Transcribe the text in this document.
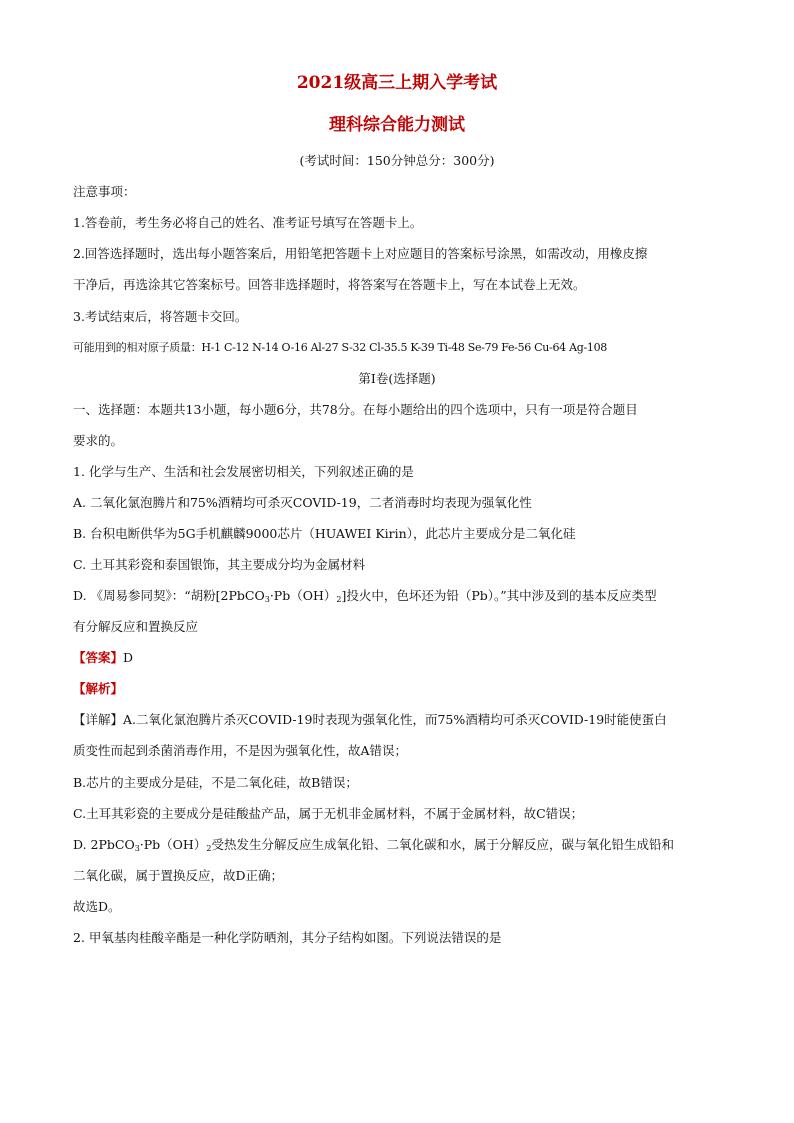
2021级高三上期入学考试
理科综合能力测试
(考试时间：150分钟总分：300分)
注意事项：
1.答卷前，考生务必将自己的姓名、准考证号填写在答题卡上。
2.回答选择题时，选出每小题答案后，用铅笔把答题卡上对应题目的答案标号涂黑，如需改动，用橡皮擦
干净后，再选涂其它答案标号。回答非选择题时，将答案写在答题卡上，写在本试卷上无效。
3.考试结束后，将答题卡交回。
可能用到的相对原子质量：H-1 C-12 N-14 O-16 Al-27 S-32 Cl-35.5 K-39 Ti-48 Se-79 Fe-56 Cu-64 Ag-108
第Ⅰ卷(选择题)
一、选择题：本题共13小题，每小题6分，共78分。在每小题给出的四个选项中，只有一项是符合题目
要求的。
1. 化学与生产、生活和社会发展密切相关，下列叙述正确的是
A. 二氧化氯泡腾片和75%酒精均可杀灭COVID-19，二者消毒时均表现为强氧化性
B. 台积电断供华为5G手机麒麟9000芯片（HUAWEI Kirin），此芯片主要成分是二氧化硅
C. 土耳其彩瓷和泰国银饰，其主要成分均为金属材料
D. 《周易参同契》：“胡粉$[2PbCO_3\cdot Pb(OH)_2]$投火中，色坏还为铅（Pb）。”其中涉及到的基本反应类型
有分解反应和置换反应
【答案】D
【解析】
【详解】A.二氧化氯泡腾片杀灭COVID-19时表现为强氧化性，而75%酒精均可杀灭COVID-19时能使蛋白
质变性而起到杀菌消毒作用，不是因为强氧化性，故A错误；
B.芯片的主要成分是硅，不是二氧化硅，故B错误；
C.土耳其彩瓷的主要成分是硅酸盐产品，属于无机非金属材料，不属于金属材料，故C错误；
D. $2PbCO_3\cdot Pb(OH)_2$受热发生分解反应生成氧化铅、二氧化碳和水，属于分解反应，碳与氧化铅生成铅和
二氧化碳，属于置换反应，故D正确；
故选D。
2. 甲氧基肉桂酸辛酯是一种化学防晒剂，其分子结构如图。下列说法错误的是
